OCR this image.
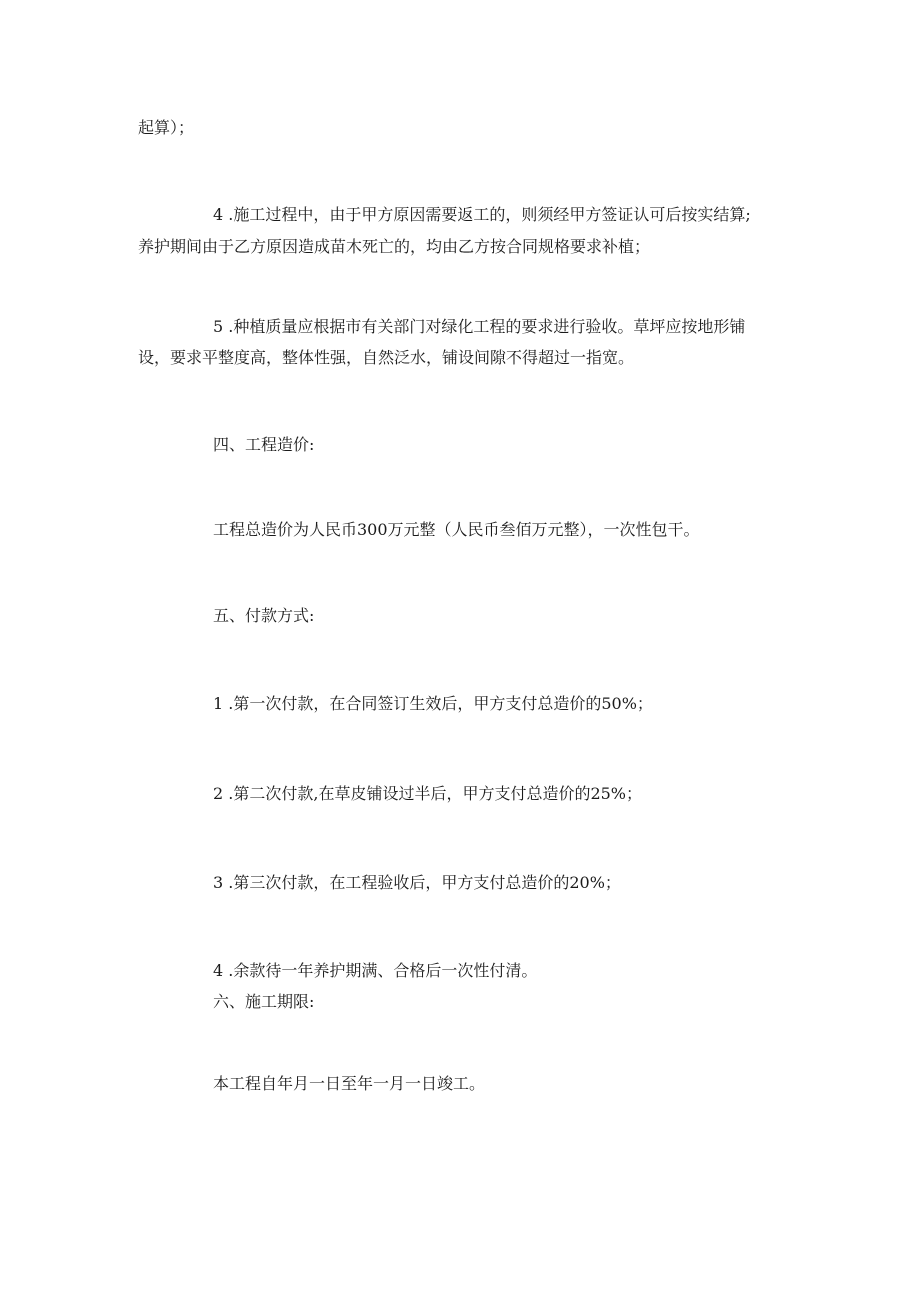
起算）；

4 .施工过程中，由于甲方原因需要返工的，则须经甲方签证认可后按实结算;

养护期间由于乙方原因造成苗木死亡的，均由乙方按合同规格要求补植；

5 .种植质量应根据市有关部门对绿化工程的要求进行验收。草坪应按地形铺

设，要求平整度高，整体性强，自然泛水，铺设间隙不得超过一指宽。

四、工程造价:

工程总造价为人民币300万元整（人民币叁佰万元整），一次性包干。

五、付款方式:

1 .第一次付款，在合同签订生效后，甲方支付总造价的50%；

2 .第二次付款,在草皮铺设过半后，甲方支付总造价的25%；

3 .第三次付款，在工程验收后，甲方支付总造价的20%；

4 .余款待一年养护期满、合格后一次性付清。

六、施工期限:

本工程自年月一日至年一月一日竣工。
